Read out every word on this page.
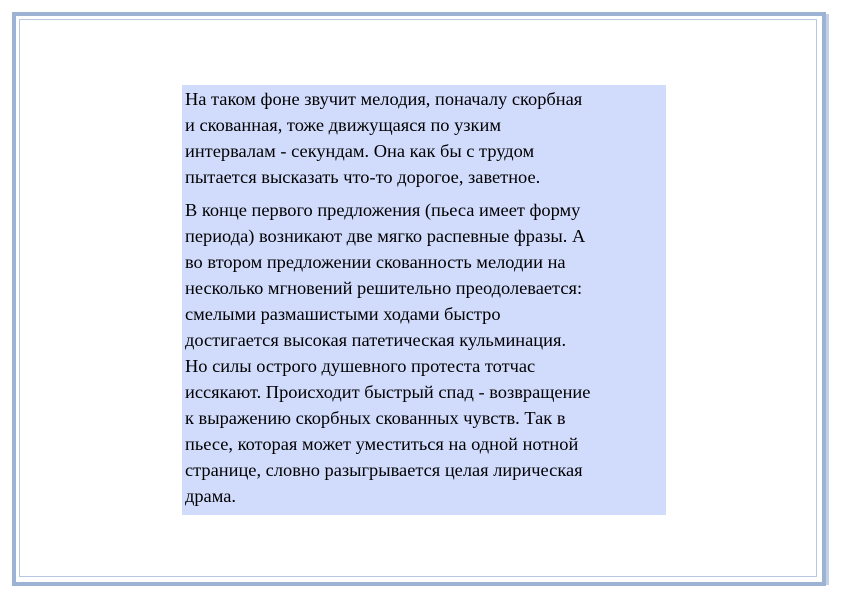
На таком фоне звучит мелодия, поначалу скорбная
и скованная, тоже движущаяся по узким
интервалам - секундам. Она как бы с трудом
пытается высказать что-то дорогое, заветное.

В конце первого предложения (пьеса имеет форму
периода) возникают две мягко распевные фразы. А
во втором предложении скованность мелодии на
несколько мгновений решительно преодолевается:
смелыми размашистыми ходами быстро
достигается высокая патетическая кульминация.
Но силы острого душевного протеста тотчас
иссякают. Происходит быстрый спад - возвращение
к выражению скорбных скованных чувств. Так в
пьесе, которая может уместиться на одной нотной
странице, словно разыгрывается целая лирическая
драма.
